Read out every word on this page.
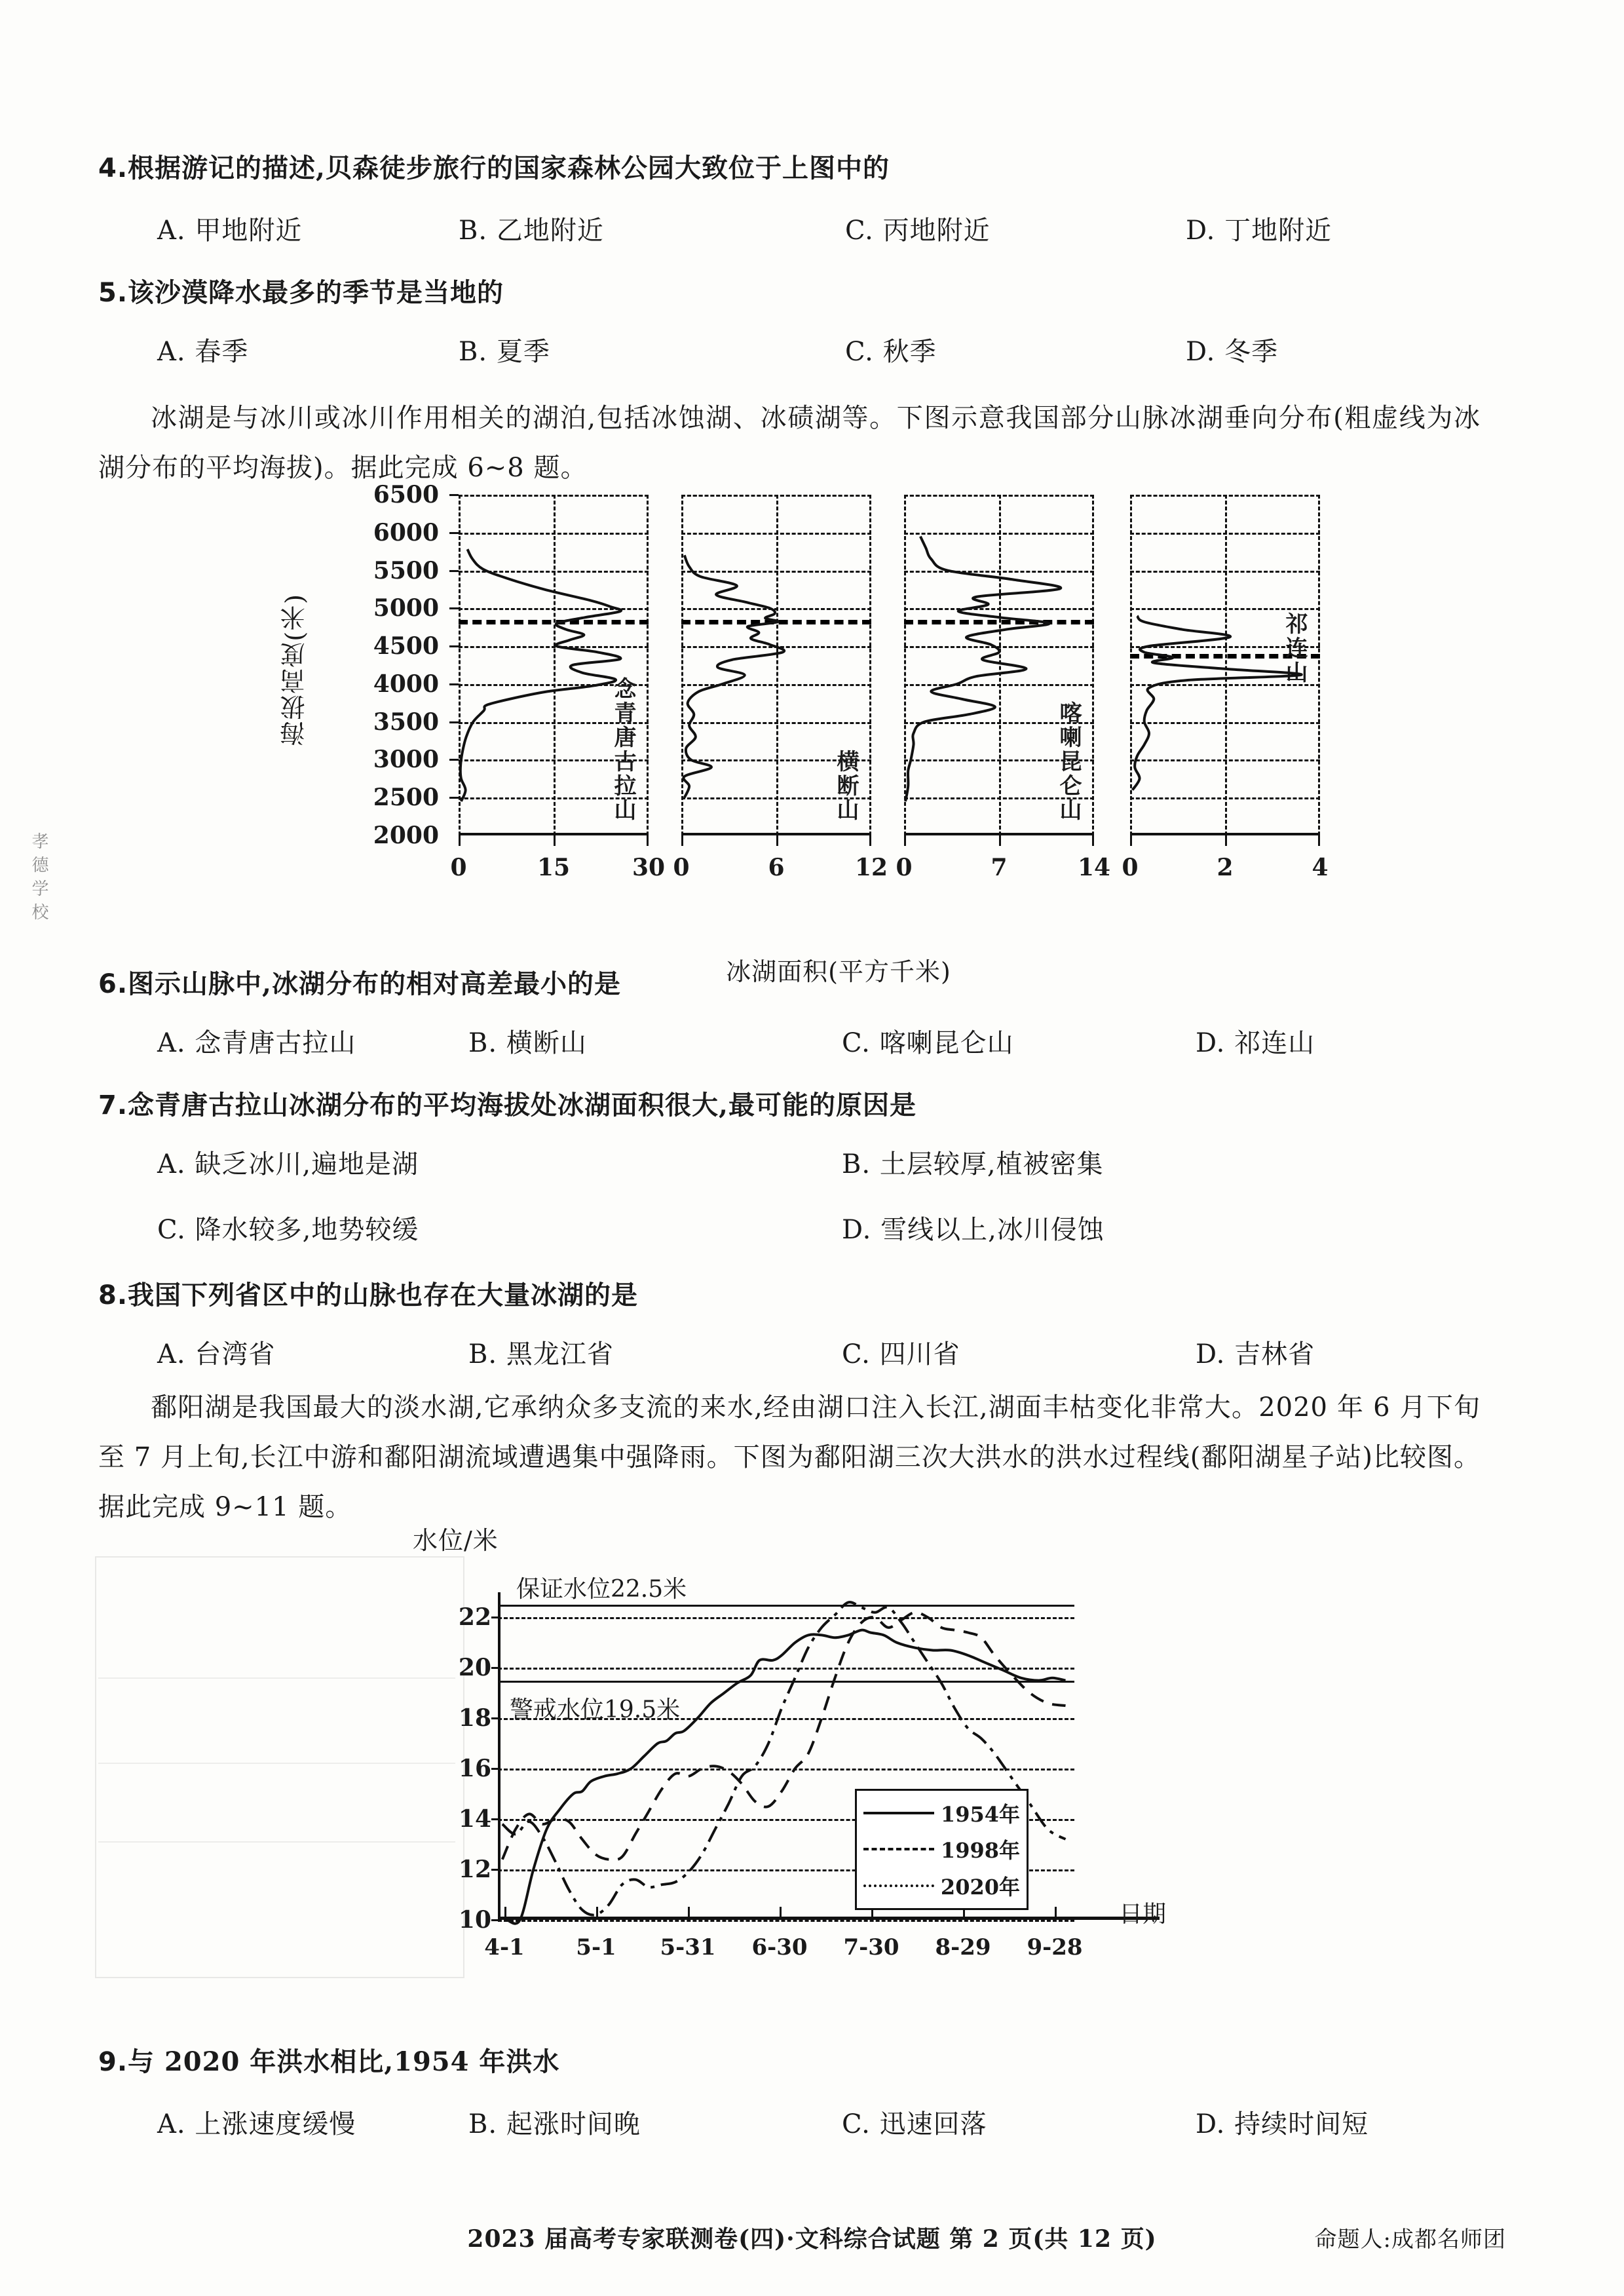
孝德学校
4.根据游记的描述,贝森徒步旅行的国家森林公园大致位于上图中的
A. 甲地附近	B. 乙地附近	C. 丙地附近	D. 丁地附近
5.该沙漠降水最多的季节是当地的
A. 春季	B. 夏季	C. 秋季	D. 冬季
冰湖是与冰川或冰川作用相关的湖泊,包括冰蚀湖、冰碛湖等。下图示意我国部分山脉冰湖垂向分布(粗虚线为冰湖分布的平均海拔)。据此完成 6~8 题。
海拔高度(米)
6500
6000
5500
5000
4500
4000
3500
3000
2500
2000
0	15	30
念青唐古拉山
0	6	12
横断山
0	7	14
喀喇昆仑山
0	2	4
祁连山
冰湖面积(平方千米)
6.图示山脉中,冰湖分布的相对高差最小的是
A. 念青唐古拉山	B. 横断山	C. 喀喇昆仑山	D. 祁连山
7.念青唐古拉山冰湖分布的平均海拔处冰湖面积很大,最可能的原因是
A. 缺乏冰川,遍地是湖	B. 土层较厚,植被密集
C. 降水较多,地势较缓	D. 雪线以上,冰川侵蚀
8.我国下列省区中的山脉也存在大量冰湖的是
A. 台湾省	B. 黑龙江省	C. 四川省	D. 吉林省
鄱阳湖是我国最大的淡水湖,它承纳众多支流的来水,经由湖口注入长江,湖面丰枯变化非常大。2020 年 6 月下旬至 7 月上旬,长江中游和鄱阳湖流域遭遇集中强降雨。下图为鄱阳湖三次大洪水的洪水过程线(鄱阳湖星子站)比较图。据此完成 9~11 题。
水位/米
22
20
18
16
14
12
10
4-1 5-1 5-31 6-30 7-30 8-29 9-28
保证水位22.5米
警戒水位19.5米
日期
1954年
1998年
2020年
9.与 2020 年洪水相比,1954 年洪水
A. 上涨速度缓慢	B. 起涨时间晚	C. 迅速回落	D. 持续时间短
2023 届高考专家联测卷(四)·文科综合试题 第 2 页(共 12 页)	命题人:成都名师团
